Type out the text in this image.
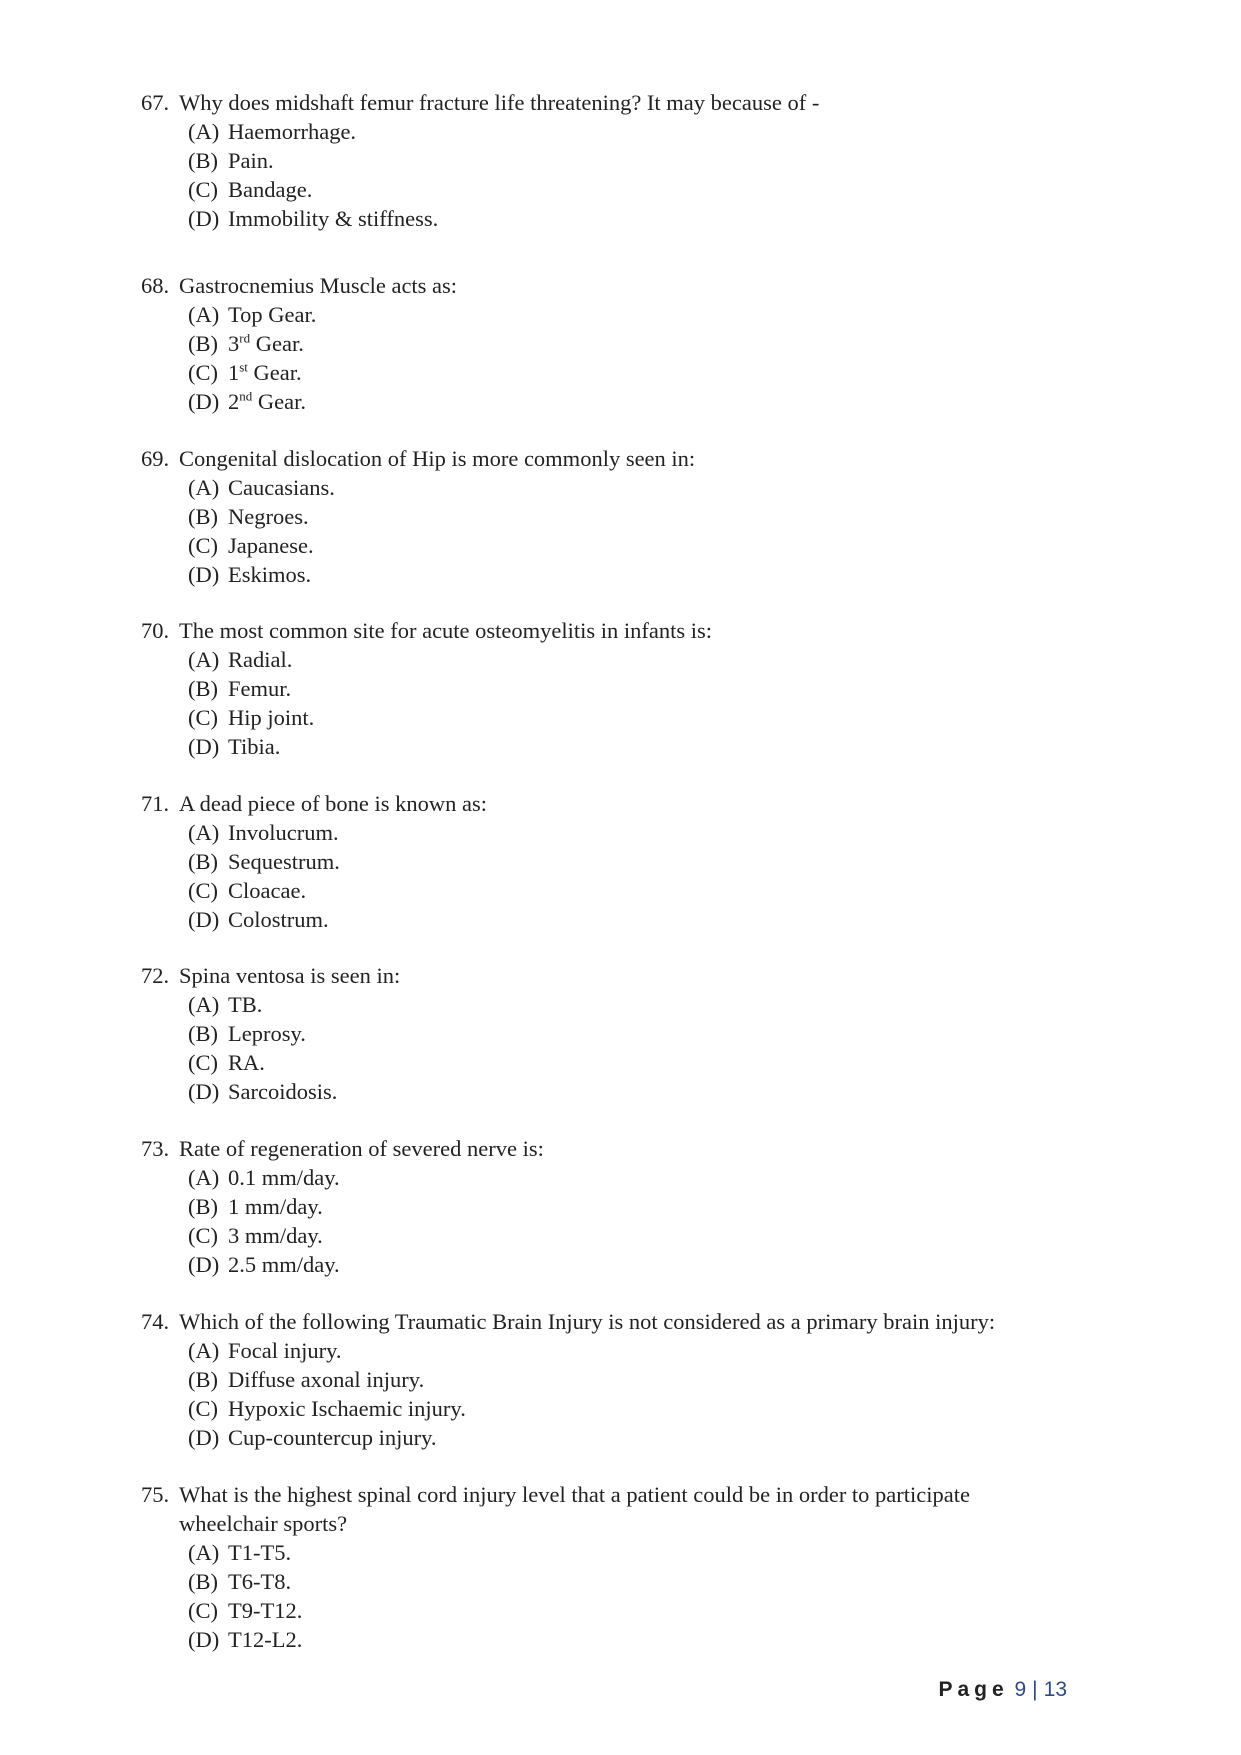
67. Why does midshaft femur fracture life threatening? It may because of -
(A) Haemorrhage.
(B) Pain.
(C) Bandage.
(D) Immobility & stiffness.
68. Gastrocnemius Muscle acts as:
(A) Top Gear.
(B) 3rd Gear.
(C) 1st Gear.
(D) 2nd Gear.
69. Congenital dislocation of Hip is more commonly seen in:
(A) Caucasians.
(B) Negroes.
(C) Japanese.
(D) Eskimos.
70. The most common site for acute osteomyelitis in infants is:
(A) Radial.
(B) Femur.
(C) Hip joint.
(D) Tibia.
71. A dead piece of bone is known as:
(A) Involucrum.
(B) Sequestrum.
(C) Cloacae.
(D) Colostrum.
72. Spina ventosa is seen in:
(A) TB.
(B) Leprosy.
(C) RA.
(D) Sarcoidosis.
73. Rate of regeneration of severed nerve is:
(A) 0.1 mm/day.
(B) 1 mm/day.
(C) 3 mm/day.
(D) 2.5 mm/day.
74. Which of the following Traumatic Brain Injury is not considered as a primary brain injury:
(A) Focal injury.
(B) Diffuse axonal injury.
(C) Hypoxic Ischaemic injury.
(D) Cup-countercup injury.
75. What is the highest spinal cord injury level that a patient could be in order to participate wheelchair sports?
(A) T1-T5.
(B) T6-T8.
(C) T9-T12.
(D) T12-L2.
Page 9 | 13
